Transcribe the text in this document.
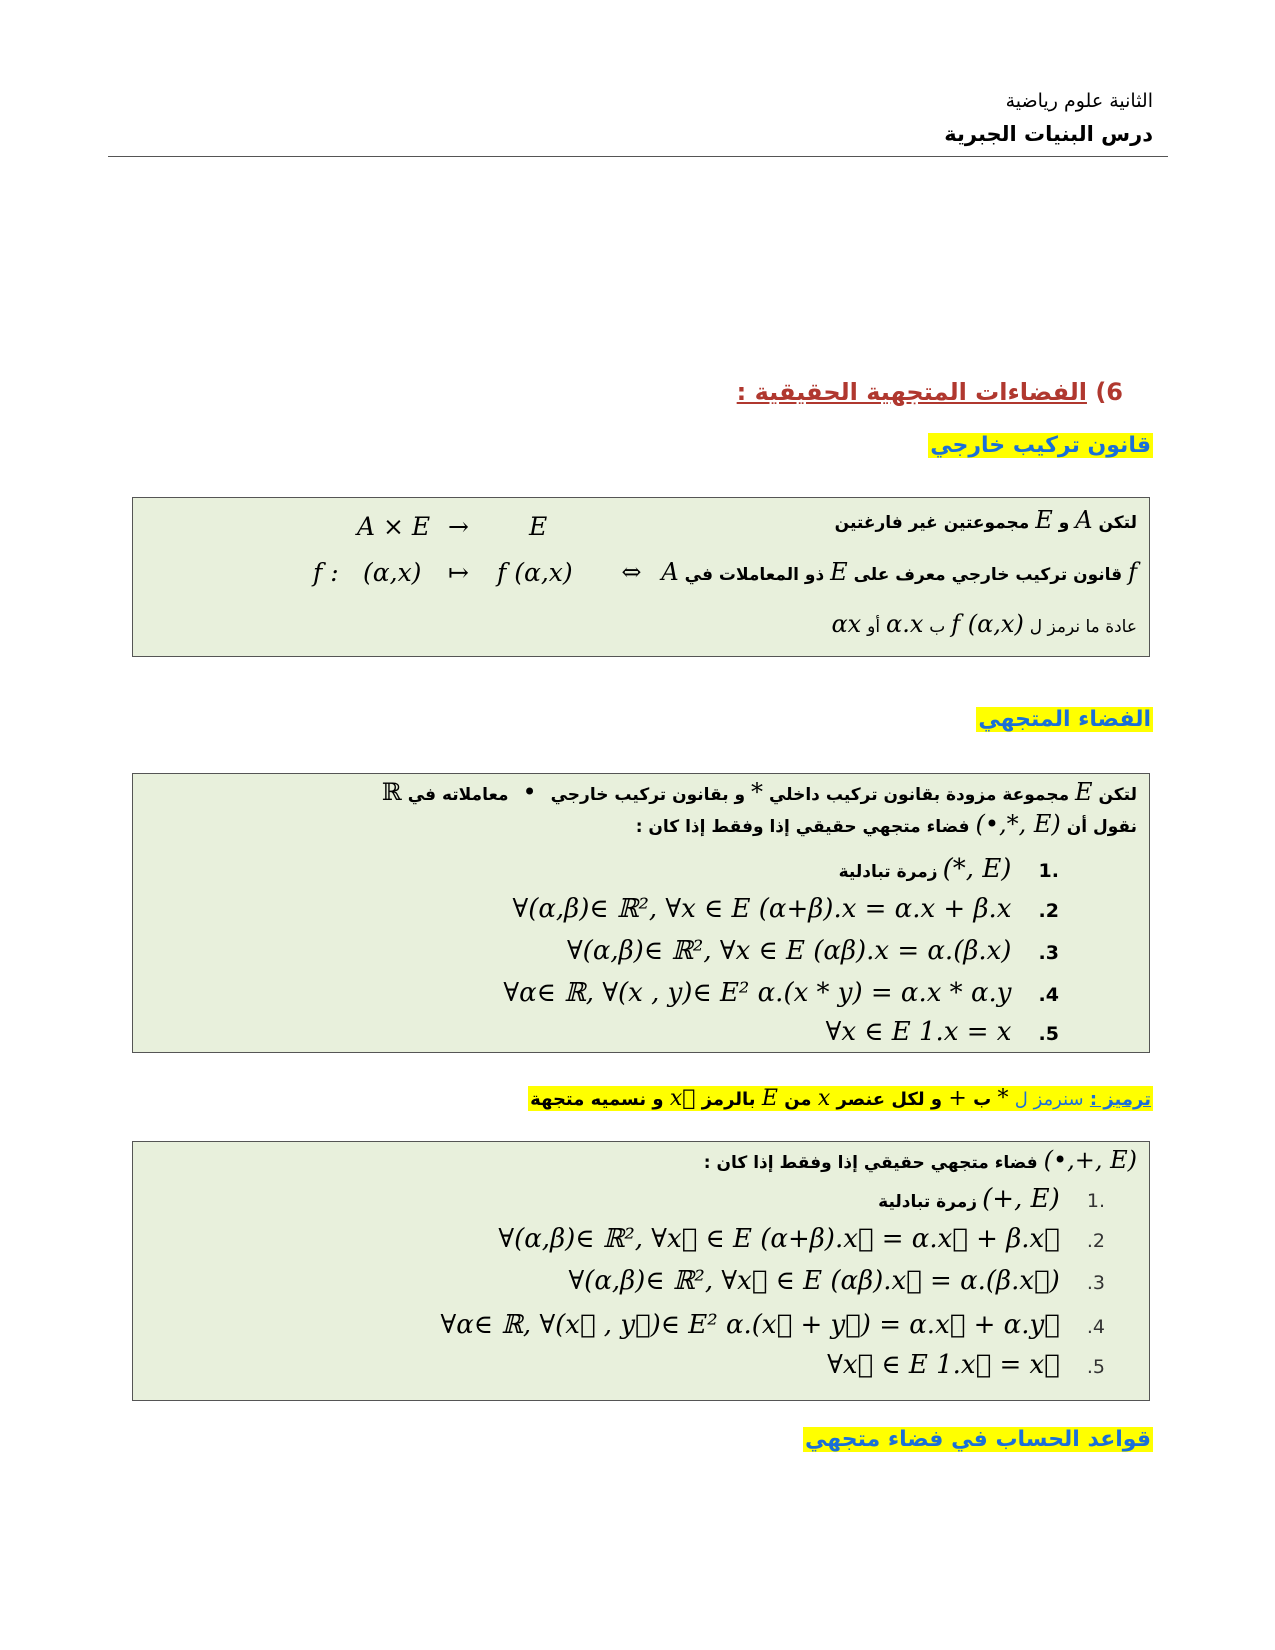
الثانية علوم رياضية
درس البنيات الجبرية
6) الفضاءات المتجهية الحقيقية :
قانون تركيب خارجي
لتكن A و E مجموعتين غير فارغتين
f قانون تركيب خارجي معرف على E ذو المعاملات في A ⇔
A × E → E
f : (α,x) ↦ f (α,x)
عادة ما نرمز ل f (α,x) ب α.x أو αx
الفضاء المتجهي
لتكن E مجموعة مزودة بقانون تركيب داخلي * و بقانون تركيب خارجي • معاملاته في ℝ
نقول أن (E ,*,•) فضاء متجهي حقيقي إذا وفقط إذا كان :
.1 (E ,*) زمرة تبادلية
∀(α,β)∈ ℝ², ∀x ∈ E (α+β).x = α.x + β.x .2
∀(α,β)∈ ℝ², ∀x ∈ E (αβ).x = α.(β.x) .3
∀α∈ ℝ, ∀(x , y)∈ E² α.(x * y) = α.x * α.y .4
∀x ∈ E 1.x = x .5
ترميز : سنرمز ل * ب + و لكل عنصر x من E بالرمز x⃗ و نسميه متجهة
(E ,+,•) فضاء متجهي حقيقي إذا وفقط إذا كان :
.1 (E ,+) زمرة تبادلية
∀(α,β)∈ ℝ², ∀x⃗ ∈ E (α+β).x⃗ = α.x⃗ + β.x⃗ .2
∀(α,β)∈ ℝ², ∀x⃗ ∈ E (αβ).x⃗ = α.(β.x⃗) .3
∀α∈ ℝ, ∀(x⃗ , y⃗)∈ E² α.(x⃗ + y⃗) = α.x⃗ + α.y⃗ .4
∀x⃗ ∈ E 1.x⃗ = x⃗ .5
قواعد الحساب في فضاء متجهي
